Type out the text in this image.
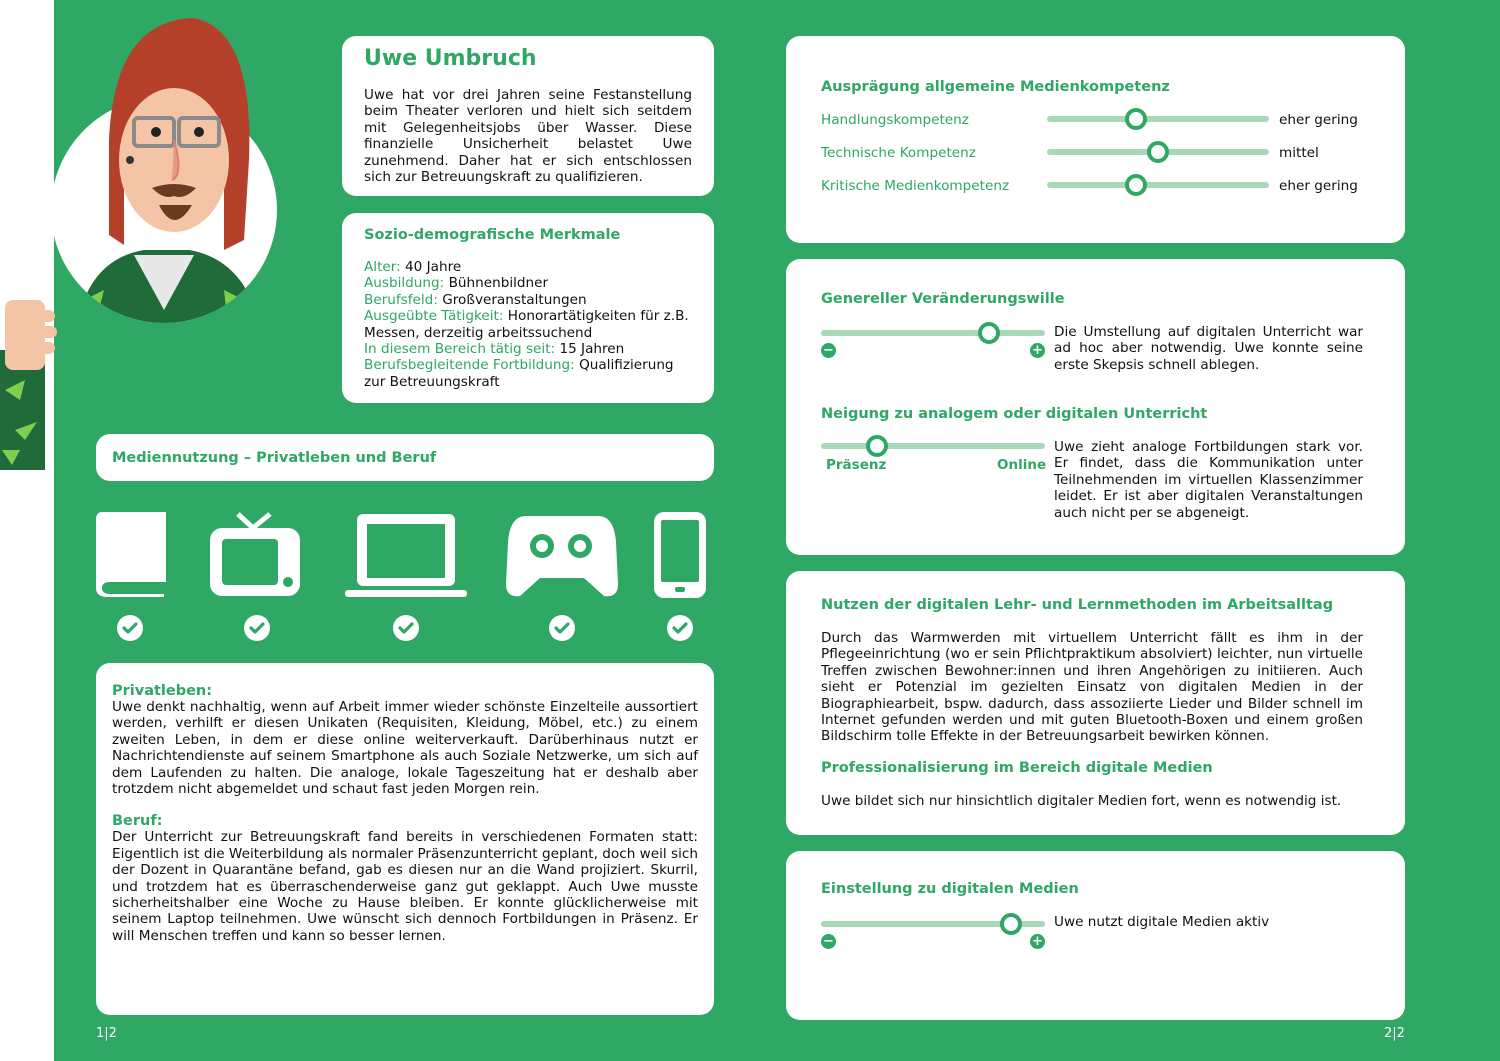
Uwe Umbruch
Uwe hat vor drei Jahren seine Festanstellung beim Theater verloren und hielt sich seitdem mit Gelegenheitsjobs über Wasser. Diese finanzielle Unsicherheit belastet Uwe zunehmend. Daher hat er sich entschlossen sich zur Betreuungskraft zu qualifizieren.
Sozio-demografische Merkmale
Alter: 40 Jahre
Ausbildung: Bühnenbildner
Berufsfeld: Großveranstaltungen
Ausgeübte Tätigkeit: Honorartätigkeiten für z.B. Messen, derzeitig arbeitssuchend
In diesem Bereich tätig seit: 15 Jahren
Berufsbegleitende Fortbildung: Qualifizierung zur Betreuungskraft
Mediennutzung – Privatleben und Beruf
Privatleben:
Uwe denkt nachhaltig, wenn auf Arbeit immer wieder schönste Einzelteile aussortiert werden, verhilft er diesen Unikaten (Requisiten, Kleidung, Möbel, etc.) zu einem zweiten Leben, in dem er diese online weiterverkauft. Darüberhinaus nutzt er Nachrichtendienste auf seinem Smartphone als auch Soziale Netzwerke, um sich auf dem Laufenden zu halten. Die analoge, lokale Tageszeitung hat er deshalb aber trotzdem nicht abgemeldet und schaut fast jeden Morgen rein.
Beruf:
Der Unterricht zur Betreuungskraft fand bereits in verschiedenen Formaten statt: Eigentlich ist die Weiterbildung als normaler Präsenzunterricht geplant, doch weil sich der Dozent in Quarantäne befand, gab es diesen nur an die Wand projiziert. Skurril, und trotzdem hat es überraschenderweise ganz gut geklappt. Auch Uwe musste sicherheitshalber eine Woche zu Hause bleiben. Er konnte glücklicherweise mit seinem Laptop teilnehmen. Uwe wünscht sich dennoch Fortbildungen in Präsenz. Er will Menschen treffen und kann so besser lernen.
1|2
Ausprägung allgemeine Medienkompetenz
Handlungskompetenz	eher gering
Technische Kompetenz	mittel
Kritische Medienkompetenz	eher gering
Genereller Veränderungswille
−	+
Die Umstellung auf digitalen Unterricht war ad hoc aber notwendig. Uwe konnte seine erste Skepsis schnell ablegen.
Neigung zu analogem oder digitalen Unterricht
Präsenz	Online
Uwe zieht analoge Fortbildungen stark vor. Er findet, dass die Kommunikation unter Teilnehmenden im virtuellen Klassenzimmer leidet. Er ist aber digitalen Veranstaltungen auch nicht per se abgeneigt.
Nutzen der digitalen Lehr- und Lernmethoden im Arbeitsalltag
Durch das Warmwerden mit virtuellem Unterricht fällt es ihm in der Pflegeeinrichtung (wo er sein Pflichtpraktikum absolviert) leichter, nun virtuelle Treffen zwischen Bewohner:innen und ihren Angehörigen zu initiieren. Auch sieht er Potenzial im gezielten Einsatz von digitalen Medien in der Biographiearbeit, bspw. dadurch, dass assoziierte Lieder und Bilder schnell im Internet gefunden werden und mit guten Bluetooth-Boxen und einem großen Bildschirm tolle Effekte in der Betreuungsarbeit bewirken können.
Professionalisierung im Bereich digitale Medien
Uwe bildet sich nur hinsichtlich digitaler Medien fort, wenn es notwendig ist.
Einstellung zu digitalen Medien
−	+
Uwe nutzt digitale Medien aktiv
2|2
